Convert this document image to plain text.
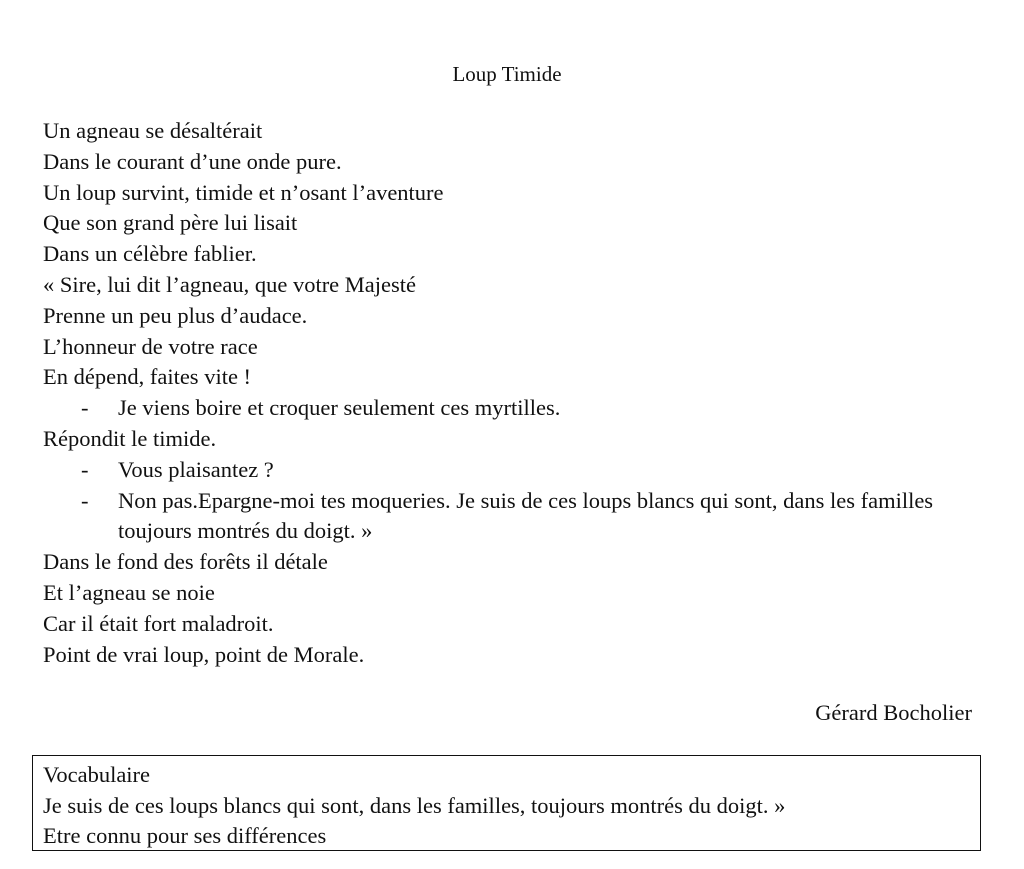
Loup Timide
Un agneau se désaltérait
Dans le courant d’une onde pure.
Un loup survint, timide et n’osant l’aventure
Que son grand père lui lisait
Dans un célèbre fablier.
« Sire, lui dit l’agneau, que votre Majesté
Prenne un peu plus d’audace.
L’honneur de votre race
En dépend, faites vite !
-	Je viens boire et croquer seulement ces myrtilles.
Répondit le timide.
-	Vous plaisantez ?
-	Non pas.Epargne-moi tes moqueries. Je suis de ces loups blancs qui sont, dans les familles toujours montrés du doigt. »
Dans le fond des forêts il détale
Et l’agneau se noie
Car il était fort maladroit.
Point de vrai loup, point de Morale.
Gérard Bocholier
Vocabulaire
Je suis de ces loups blancs qui sont, dans les familles, toujours montrés du doigt. »
Etre connu pour ses différences
